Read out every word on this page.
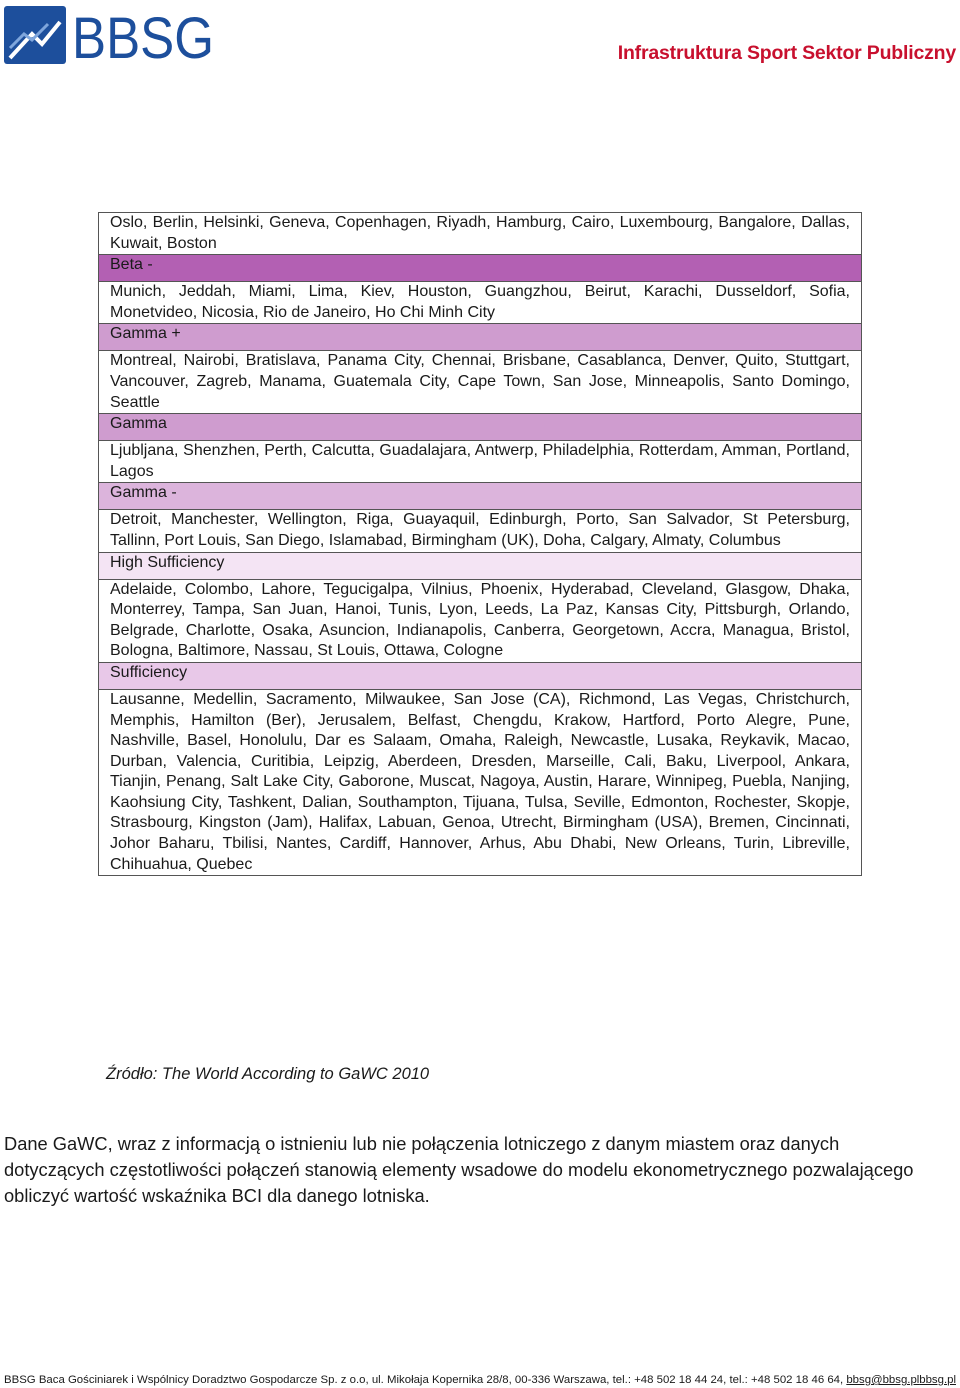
BBSG	Infrastruktura Sport Sektor Publiczny
Oslo, Berlin, Helsinki, Geneva, Copenhagen, Riyadh, Hamburg, Cairo, Luxembourg, Bangalore, Dallas, Kuwait, Boston
Beta -
Munich, Jeddah, Miami, Lima, Kiev, Houston, Guangzhou, Beirut, Karachi, Dusseldorf, Sofia, Monetvideo, Nicosia, Rio de Janeiro, Ho Chi Minh City
Gamma +
Montreal, Nairobi, Bratislava, Panama City, Chennai, Brisbane, Casablanca, Denver, Quito, Stuttgart, Vancouver, Zagreb, Manama, Guatemala City, Cape Town, San Jose, Minneapolis, Santo Domingo, Seattle
Gamma
Ljubljana, Shenzhen, Perth, Calcutta, Guadalajara, Antwerp, Philadelphia, Rotterdam, Amman, Portland, Lagos
Gamma -
Detroit, Manchester, Wellington, Riga, Guayaquil, Edinburgh, Porto, San Salvador, St Petersburg, Tallinn, Port Louis, San Diego, Islamabad, Birmingham (UK), Doha, Calgary, Almaty, Columbus
High Sufficiency
Adelaide, Colombo, Lahore, Tegucigalpa, Vilnius, Phoenix, Hyderabad, Cleveland, Glasgow, Dhaka, Monterrey, Tampa, San Juan, Hanoi, Tunis, Lyon, Leeds, La Paz, Kansas City, Pittsburgh, Orlando, Belgrade, Charlotte, Osaka, Asuncion, Indianapolis, Canberra, Georgetown, Accra, Managua, Bristol, Bologna, Baltimore, Nassau, St Louis, Ottawa, Cologne
Sufficiency
Lausanne, Medellin, Sacramento, Milwaukee, San Jose (CA), Richmond, Las Vegas, Christchurch, Memphis, Hamilton (Ber), Jerusalem, Belfast, Chengdu, Krakow, Hartford, Porto Alegre, Pune, Nashville, Basel, Honolulu, Dar es Salaam, Omaha, Raleigh, Newcastle, Lusaka, Reykavik, Macao, Durban, Valencia, Curitibia, Leipzig, Aberdeen, Dresden, Marseille, Cali, Baku, Liverpool, Ankara, Tianjin, Penang, Salt Lake City, Gaborone, Muscat, Nagoya, Austin, Harare, Winnipeg, Puebla, Nanjing, Kaohsiung City, Tashkent, Dalian, Southampton, Tijuana, Tulsa, Seville, Edmonton, Rochester, Skopje, Strasbourg, Kingston (Jam), Halifax, Labuan, Genoa, Utrecht, Birmingham (USA), Bremen, Cincinnati, Johor Baharu, Tbilisi, Nantes, Cardiff, Hannover, Arhus, Abu Dhabi, New Orleans, Turin, Libreville, Chihuahua, Quebec
Źródło: The World According to GaWC 2010
Dane GaWC, wraz z informacją o istnieniu lub nie połączenia lotniczego z danym miastem oraz danych dotyczących częstotliwości połączeń stanowią elementy wsadowe do modelu ekonometrycznego pozwalającego obliczyć wartość wskaźnika BCI dla danego lotniska.
BBSG Baca Gościniarek i Wspólnicy Doradztwo Gospodarcze Sp. z o.o, ul. Mikołaja Kopernika 28/8, 00-336 Warszawa, tel.: +48 502 18 44 24, tel.: +48 502 18 46 64, bbsg@bbsg.pl bbsg.pl
